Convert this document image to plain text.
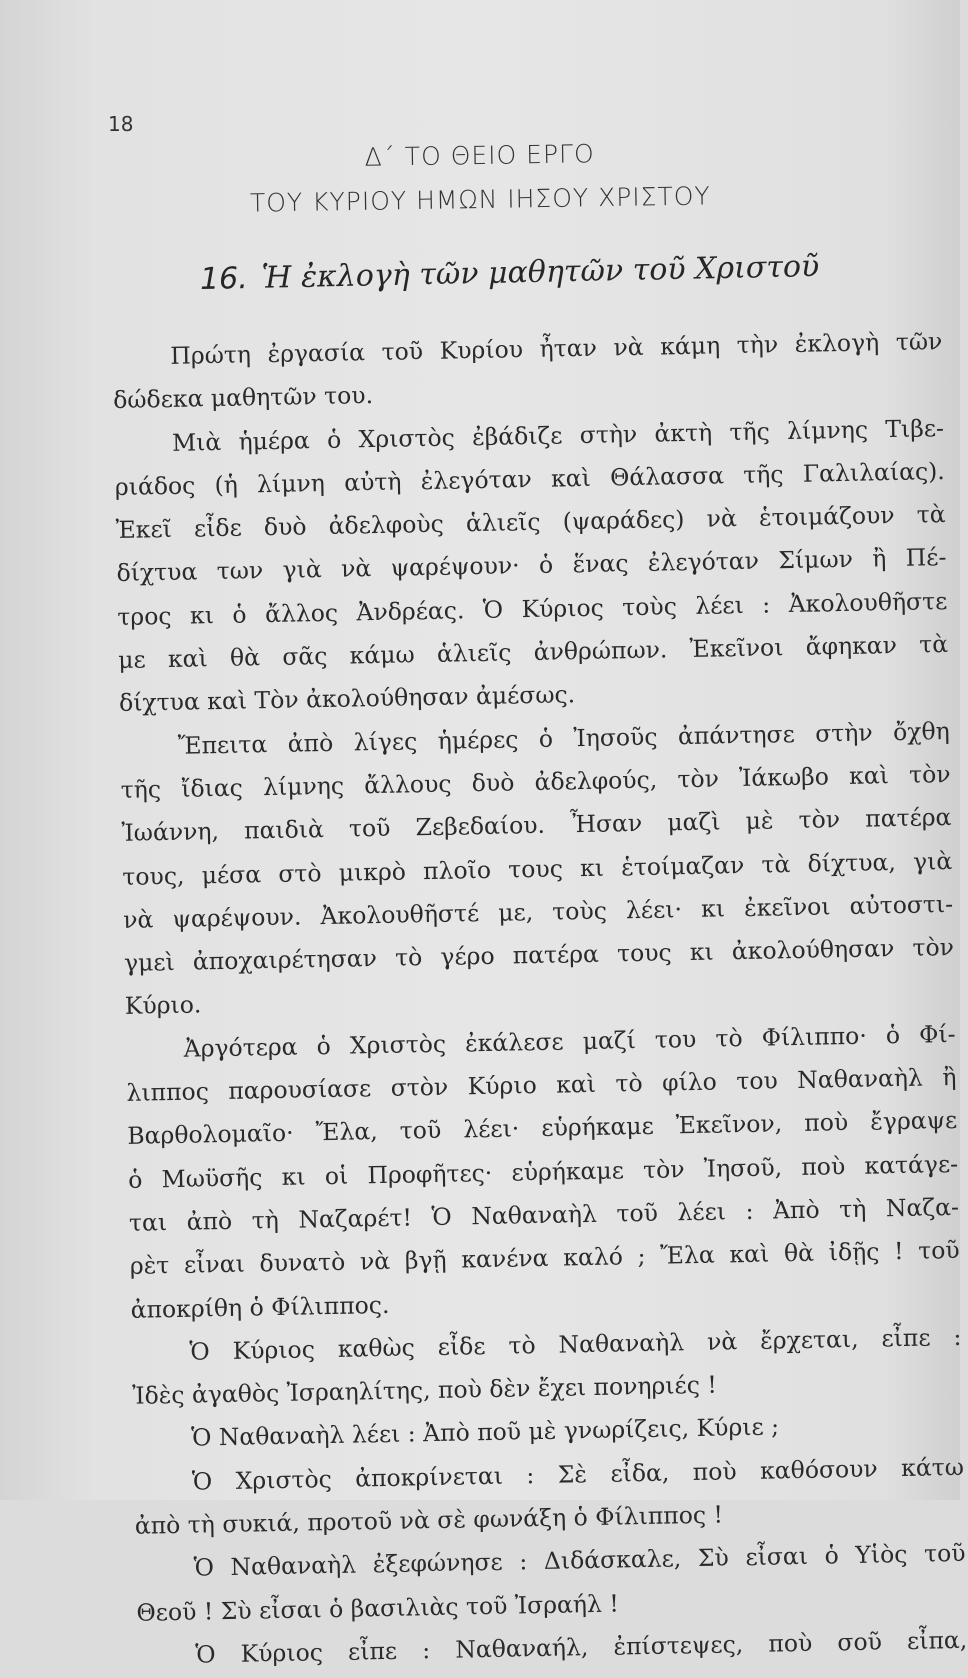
18
Δ΄ ΤΟ ΘΕΙΟ ΕΡΓΟ
ΤΟΥ ΚΥΡΙΟΥ ΗΜΩΝ ΙΗΣΟΥ ΧΡΙΣΤΟΥ
16. Ἡ ἐκλογὴ τῶν μαθητῶν τοῦ Χριστοῦ
Πρώτη ἐργασία τοῦ Κυρίου ἦταν νὰ κάμη τὴν ἐκλογὴ τῶν
δώδεκα μαθητῶν του.
Μιὰ ἡμέρα ὁ Χριστὸς ἐβάδιζε στὴν ἀκτὴ τῆς λίμνης Τιβε-
ριάδος (ἡ λίμνη αὐτὴ ἐλεγόταν καὶ Θάλασσα τῆς Γαλιλαίας).
Ἐκεῖ εἶδε δυὸ ἀδελφοὺς ἁλιεῖς (ψαράδες) νὰ ἑτοιμάζουν τὰ
δίχτυα των γιὰ νὰ ψαρέψουν· ὁ ἕνας ἐλεγόταν Σίμων ἢ Πέ-
τρος κι ὁ ἄλλος Ἀνδρέας. Ὁ Κύριος τοὺς λέει : Ἀκολουθῆστε
με καὶ θὰ σᾶς κάμω ἁλιεῖς ἀνθρώπων. Ἐκεῖνοι ἄφηκαν τὰ
δίχτυα καὶ Τὸν ἀκολούθησαν ἀμέσως.
Ἔπειτα ἀπὸ λίγες ἡμέρες ὁ Ἰησοῦς ἀπάντησε στὴν ὄχθη
τῆς ἴδιας λίμνης ἄλλους δυὸ ἀδελφούς, τὸν Ἰάκωβο καὶ τὸν
Ἰωάννη, παιδιὰ τοῦ Ζεβεδαίου. Ἦσαν μαζὶ μὲ τὸν πατέρα
τους, μέσα στὸ μικρὸ πλοῖο τους κι ἑτοίμαζαν τὰ δίχτυα, γιὰ
νὰ ψαρέψουν. Ἀκολουθῆστέ με, τοὺς λέει· κι ἐκεῖνοι αὐτοστι-
γμεὶ ἀποχαιρέτησαν τὸ γέρο πατέρα τους κι ἀκολούθησαν τὸν
Κύριο.
Ἀργότερα ὁ Χριστὸς ἐκάλεσε μαζί του τὸ Φίλιππο· ὁ Φί-
λιππος παρουσίασε στὸν Κύριο καὶ τὸ φίλο του Ναθαναὴλ ἢ
Βαρθολομαῖο· Ἔλα, τοῦ λέει· εὑρήκαμε Ἐκεῖνον, ποὺ ἔγραψε
ὁ Μωϋσῆς κι οἱ Προφῆτες· εὑρήκαμε τὸν Ἰησοῦ, ποὺ κατάγε-
ται ἀπὸ τὴ Ναζαρέτ! Ὁ Ναθαναὴλ τοῦ λέει : Ἀπὸ τὴ Ναζα-
ρὲτ εἶναι δυνατὸ νὰ βγῇ κανένα καλό ; Ἔλα καὶ θὰ ἰδῇς ! τοῦ
ἀποκρίθη ὁ Φίλιππος.
Ὁ Κύριος καθὼς εἶδε τὸ Ναθαναὴλ νὰ ἔρχεται, εἶπε :
Ἰδὲς ἀγαθὸς Ἰσραηλίτης, ποὺ δὲν ἔχει πονηριές !
Ὁ Ναθαναὴλ λέει : Ἀπὸ ποῦ μὲ γνωρίζεις, Κύριε ;
Ὁ Χριστὸς ἀποκρίνεται : Σὲ εἶδα, ποὺ καθόσουν κάτω
ἀπὸ τὴ συκιά, προτοῦ νὰ σὲ φωνάξη ὁ Φίλιππος !
Ὁ Ναθαναὴλ ἐξεφώνησε : Διδάσκαλε, Σὺ εἶσαι ὁ Υἱὸς τοῦ
Θεοῦ ! Σὺ εἶσαι ὁ βασιλιὰς τοῦ Ἰσραήλ !
Ὁ Κύριος εἶπε : Ναθαναήλ, ἐπίστεψες, ποὺ σοῦ εἶπα,
